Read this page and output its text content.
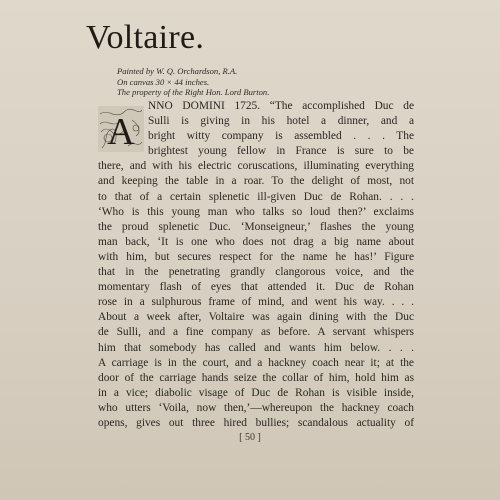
Voltaire.
Painted by W. Q. Orchardson, R.A.
On canvas 30 × 44 inches.
The property of the Right Hon. Lord Burton.
A
NNO DOMINI 1725. “The accomplished Duc de
Sulli is giving in his hotel a dinner, and a
bright witty company is assembled . . . The
brightest young fellow in France is sure to be
there, and with his electric coruscations, illuminating everything
and keeping the table in a roar. To the delight of most, not
to that of a certain splenetic ill-given Duc de Rohan. . . .
‘Who is this young man who talks so loud then?’ exclaims
the proud splenetic Duc. ‘Monseigneur,’ flashes the young
man back, ‘It is one who does not drag a big name about
with him, but secures respect for the name he has!’ Figure
that in the penetrating grandly clangorous voice, and the
momentary flash of eyes that attended it. Duc de Rohan
rose in a sulphurous frame of mind, and went his way. . . .
About a week after, Voltaire was again dining with the Duc
de Sulli, and a fine company as before. A servant whispers
him that somebody has called and wants him below. . . .
A carriage is in the court, and a hackney coach near it; at the
door of the carriage hands seize the collar of him, hold him as
in a vice; diabolic visage of Duc de Rohan is visible inside,
who utters ‘Voila, now then,’—whereupon the hackney coach
opens, gives out three hired bullies; scandalous actuality of
[ 50 ]
